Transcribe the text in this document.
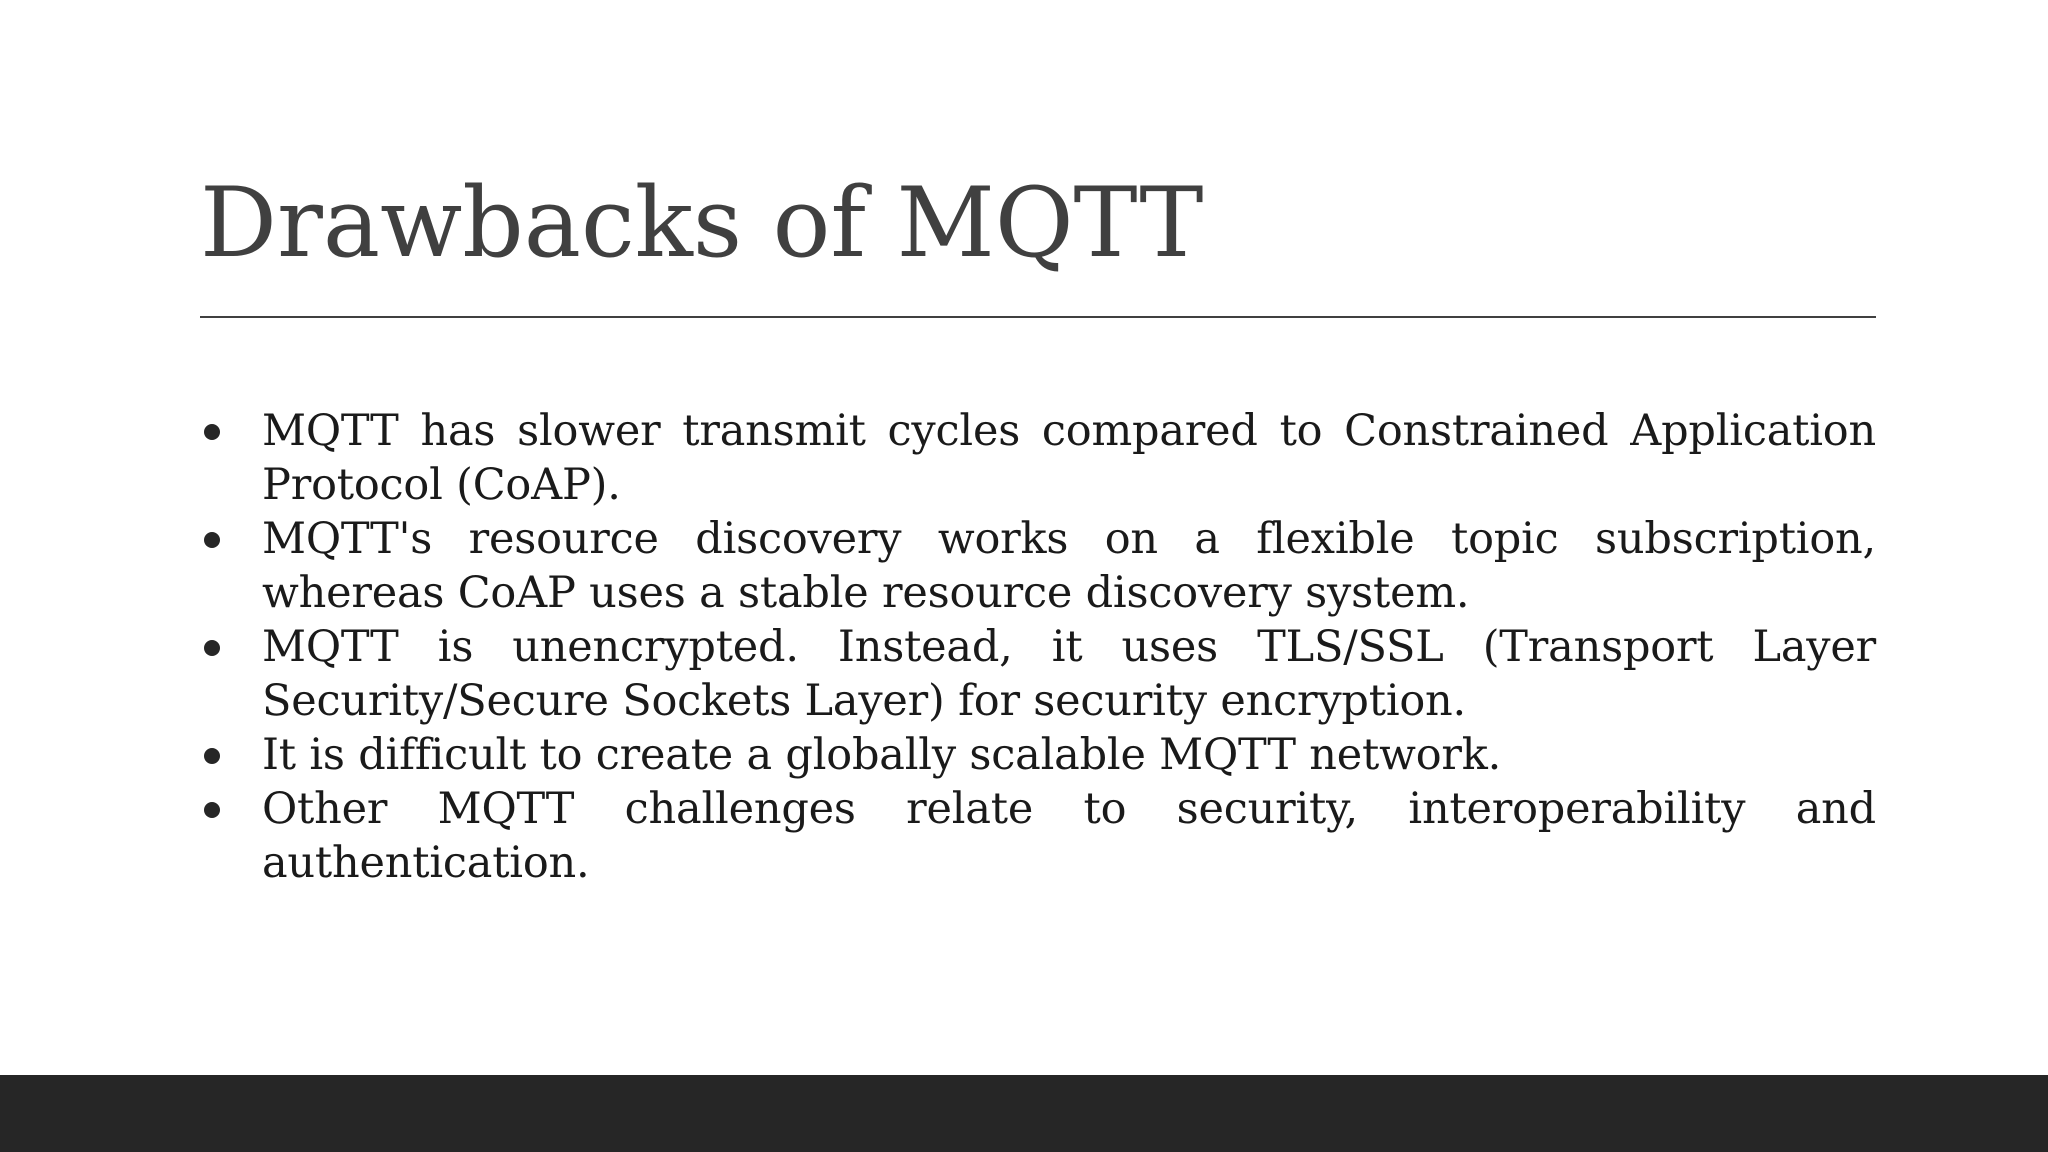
Drawbacks of MQTT
MQTT has slower transmit cycles compared to Constrained Application Protocol (CoAP).
MQTT's resource discovery works on a flexible topic subscription, whereas CoAP uses a stable resource discovery system.
MQTT is unencrypted. Instead, it uses TLS/SSL (Transport Layer Security/Secure Sockets Layer) for security encryption.
It is difficult to create a globally scalable MQTT network.
Other MQTT challenges relate to security, interoperability and authentication.
